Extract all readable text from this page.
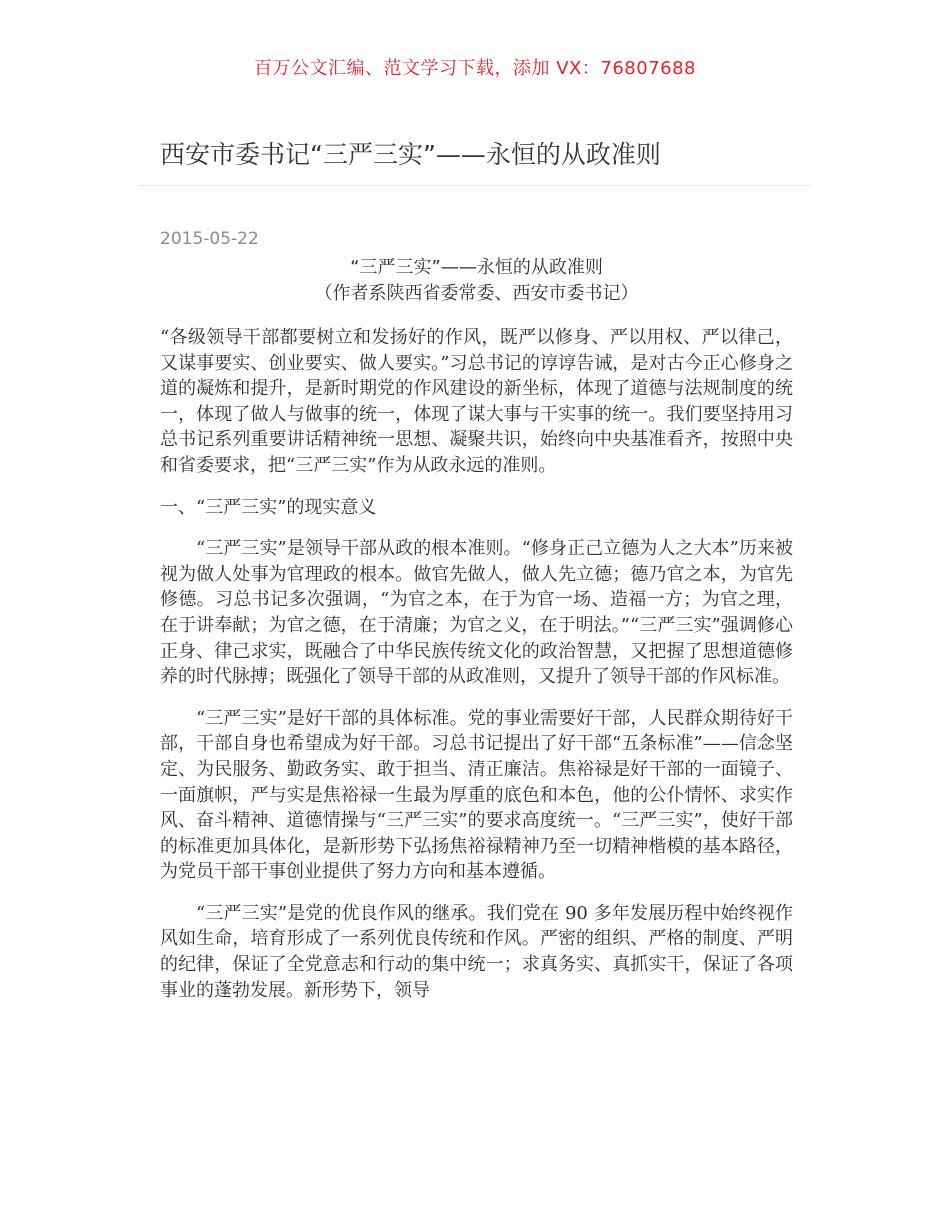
百万公文汇编、范文学习下载，添加 VX：76807688
西安市委书记“三严三实”——永恒的从政准则
2015-05-22

“三严三实”——永恒的从政准则

（作者系陕西省委常委、西安市委书记）

“各级领导干部都要树立和发扬好的作风，既严以修身、严以用权、严以律己，又谋事要实、创业要实、做人要实。”习总书记的谆谆告诫，是对古今正心修身之道的凝炼和提升，是新时期党的作风建设的新坐标，体现了道德与法规制度的统一，体现了做人与做事的统一，体现了谋大事与干实事的统一。我们要坚持用习总书记系列重要讲话精神统一思想、凝聚共识，始终向中央基准看齐，按照中央和省委要求，把“三严三实”作为从政永远的准则。

一、“三严三实”的现实意义

“三严三实”是领导干部从政的根本准则。“修身正己立德为人之大本”历来被视为做人处事为官理政的根本。做官先做人，做人先立德；德乃官之本，为官先修德。习总书记多次强调，“为官之本，在于为官一场、造福一方；为官之理，在于讲奉献；为官之德，在于清廉；为官之义，在于明法。”“三严三实”强调修心正身、律己求实，既融合了中华民族传统文化的政治智慧，又把握了思想道德修养的时代脉搏；既强化了领导干部的从政准则，又提升了领导干部的作风标准。

“三严三实”是好干部的具体标准。党的事业需要好干部，人民群众期待好干部，干部自身也希望成为好干部。习总书记提出了好干部“五条标准”——信念坚定、为民服务、勤政务实、敢于担当、清正廉洁。焦裕禄是好干部的一面镜子、一面旗帜，严与实是焦裕禄一生最为厚重的底色和本色，他的公仆情怀、求实作风、奋斗精神、道德情操与“三严三实”的要求高度统一。“三严三实”，使好干部的标准更加具体化，是新形势下弘扬焦裕禄精神乃至一切精神楷模的基本路径，为党员干部干事创业提供了努力方向和基本遵循。

“三严三实”是党的优良作风的继承。我们党在 90 多年发展历程中始终视作风如生命，培育形成了一系列优良传统和作风。严密的组织、严格的制度、严明的纪律，保证了全党意志和行动的集中统一；求真务实、真抓实干，保证了各项事业的蓬勃发展。新形势下，领导
